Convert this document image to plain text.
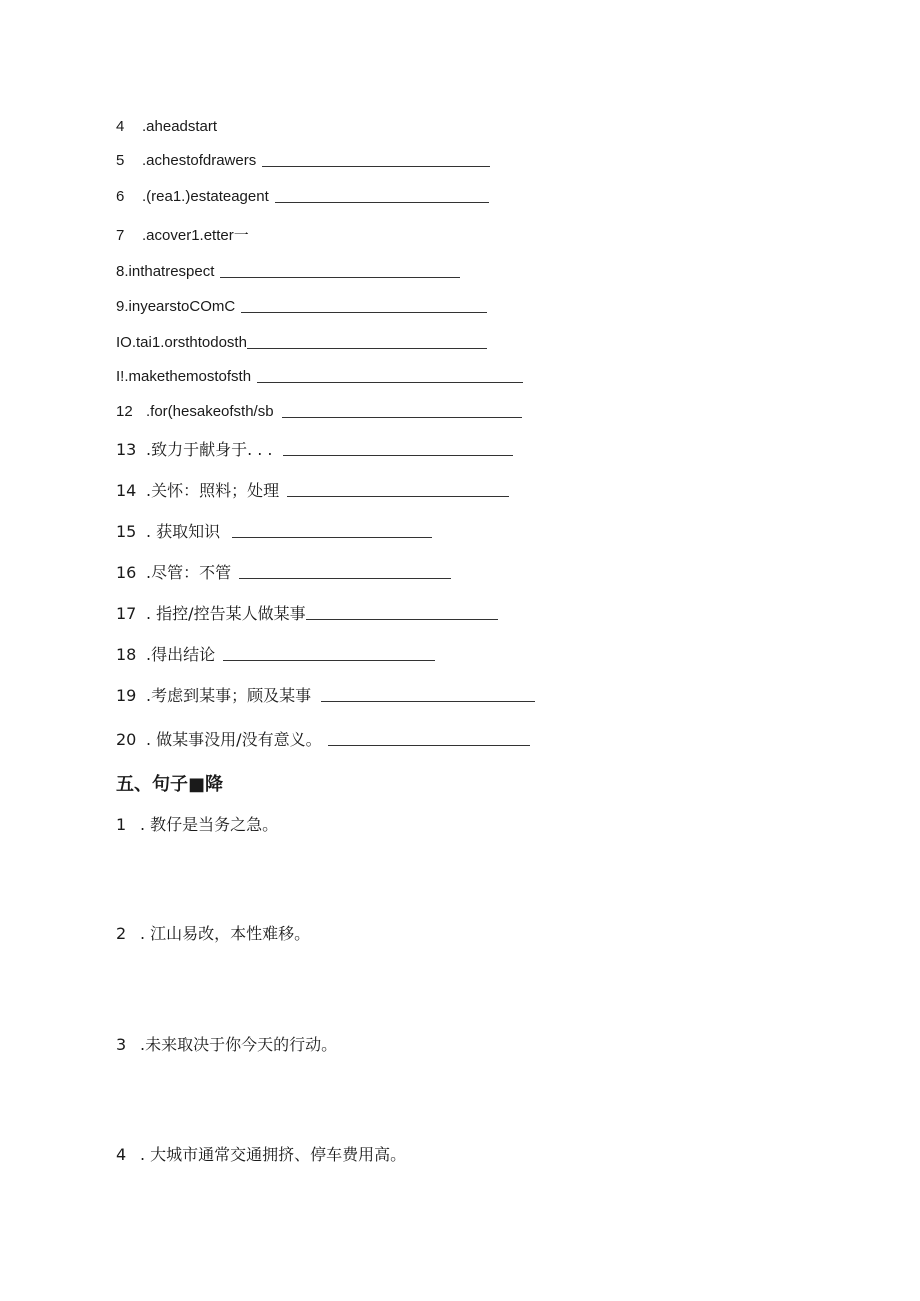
4	.aheadstart
5	.achestofdrawers
6	.(rea1.)estateagent
7	.acover1.etter 一
8. inthatrespect
9. inyearstoCOmC
IO. tai1.orsthtodosth
I!. makethemostofsth
12 .for(hesakeofsth/sb
13 .致力于献身于. . .
14 .关怀：照料；处理
15 . 获取知识
16 .尽管：不管
17 . 指控/控告某人做某事
18 .得出结论
19 .考虑到某事；顾及某事
20 . 做某事没用/没有意义。
五、句子■降
1 . 教仔是当务之急。
2 . 江山易改，本性难移。
3 .未来取决于你今天的行动。
4 . 大城市通常交通拥挤、停车费用高。
